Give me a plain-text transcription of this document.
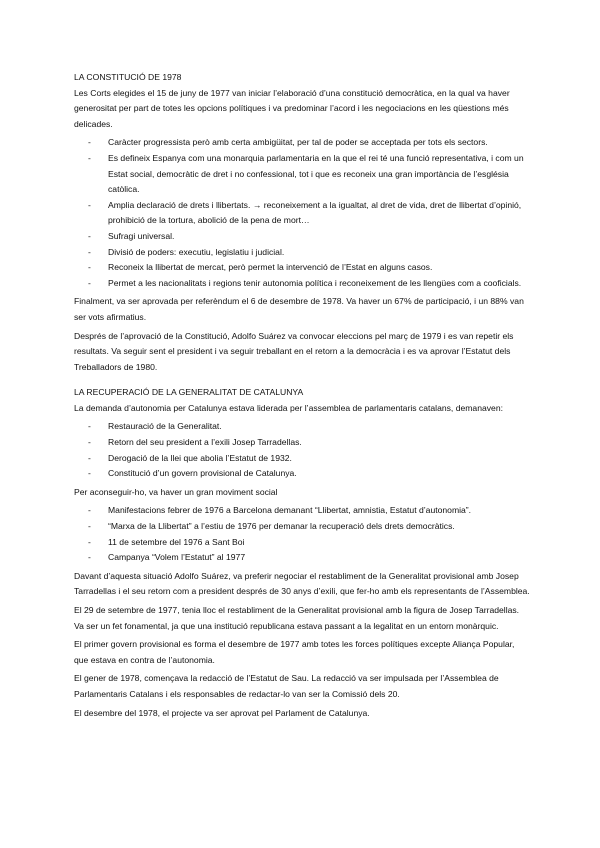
LA CONSTITUCIÓ DE 1978

Les Corts elegides el 15 de juny de 1977 van iniciar l’elaboració d’una constitució democràtica, en la qual va haver generositat per part de totes les opcions polítiques i va predominar l’acord i les negociacions en les qüestions més delicades.

- Caràcter progressista però amb certa ambigüitat, per tal de poder se acceptada per tots els sectors.
- Es defineix Espanya com una monarquia parlamentaria en la que el rei té una funció representativa, i com un Estat social, democràtic de dret i no confessional, tot i que es reconeix una gran importància de l’església catòlica.
- Amplia declaració de drets i llibertats. → reconeixement a la igualtat, al dret de vida, dret de llibertat d’opinió, prohibició de la tortura, abolició de la pena de mort…
- Sufragi universal.
- Divisió de poders: executiu, legislatiu i judicial.
- Reconeix la llibertat de mercat, però permet la intervenció de l’Estat en alguns casos.
- Permet a les nacionalitats i regions tenir autonomia política i reconeixement de les llengües com a cooficials.

Finalment, va ser aprovada per referèndum el 6 de desembre de 1978. Va haver un 67% de participació, i un 88% van ser vots afirmatius.

Després de l’aprovació de la Constitució, Adolfo Suárez va convocar eleccions pel març de 1979 i es van repetir els resultats. Va seguir sent el president i va seguir treballant en el retorn a la democràcia i es va aprovar l’Estatut dels Treballadors de 1980.

LA RECUPERACIÓ DE LA GENERALITAT DE CATALUNYA

La demanda d’autonomia per Catalunya estava liderada per l’assemblea de parlamentaris catalans, demanaven:

- Restauració de la Generalitat.
- Retorn del seu president a l’exili Josep Tarradellas.
- Derogació de la llei que abolia l’Estatut de 1932.
- Constitució d’un govern provisional de Catalunya.

Per aconseguir-ho, va haver un gran moviment social

- Manifestacions febrer de 1976 a Barcelona demanant “Llibertat, amnistia, Estatut d’autonomia”.
- “Marxa de la Llibertat” a l’estiu de 1976 per demanar la recuperació dels drets democràtics.
- 11 de setembre del 1976 a Sant Boi
- Campanya “Volem l’Estatut” al 1977

Davant d’aquesta situació Adolfo Suárez, va preferir negociar el restabliment de la Generalitat provisional amb Josep Tarradellas i el seu retorn com a president després de 30 anys d’exili, que fer-ho amb els representants de l’Assemblea.

El 29 de setembre de 1977, tenia lloc el restabliment de la Generalitat provisional amb la figura de Josep Tarradellas. Va ser un fet fonamental, ja que una institució republicana estava passant a la legalitat en un entorn monàrquic.

El primer govern provisional es forma el desembre de 1977 amb totes les forces polítiques excepte Aliança Popular, que estava en contra de l’autonomia.

El gener de 1978, començava la redacció de l’Estatut de Sau. La redacció va ser impulsada per l’Assemblea de Parlamentaris Catalans i els responsables de redactar-lo van ser la Comissió dels 20.

El desembre del 1978, el projecte va ser aprovat pel Parlament de Catalunya.
